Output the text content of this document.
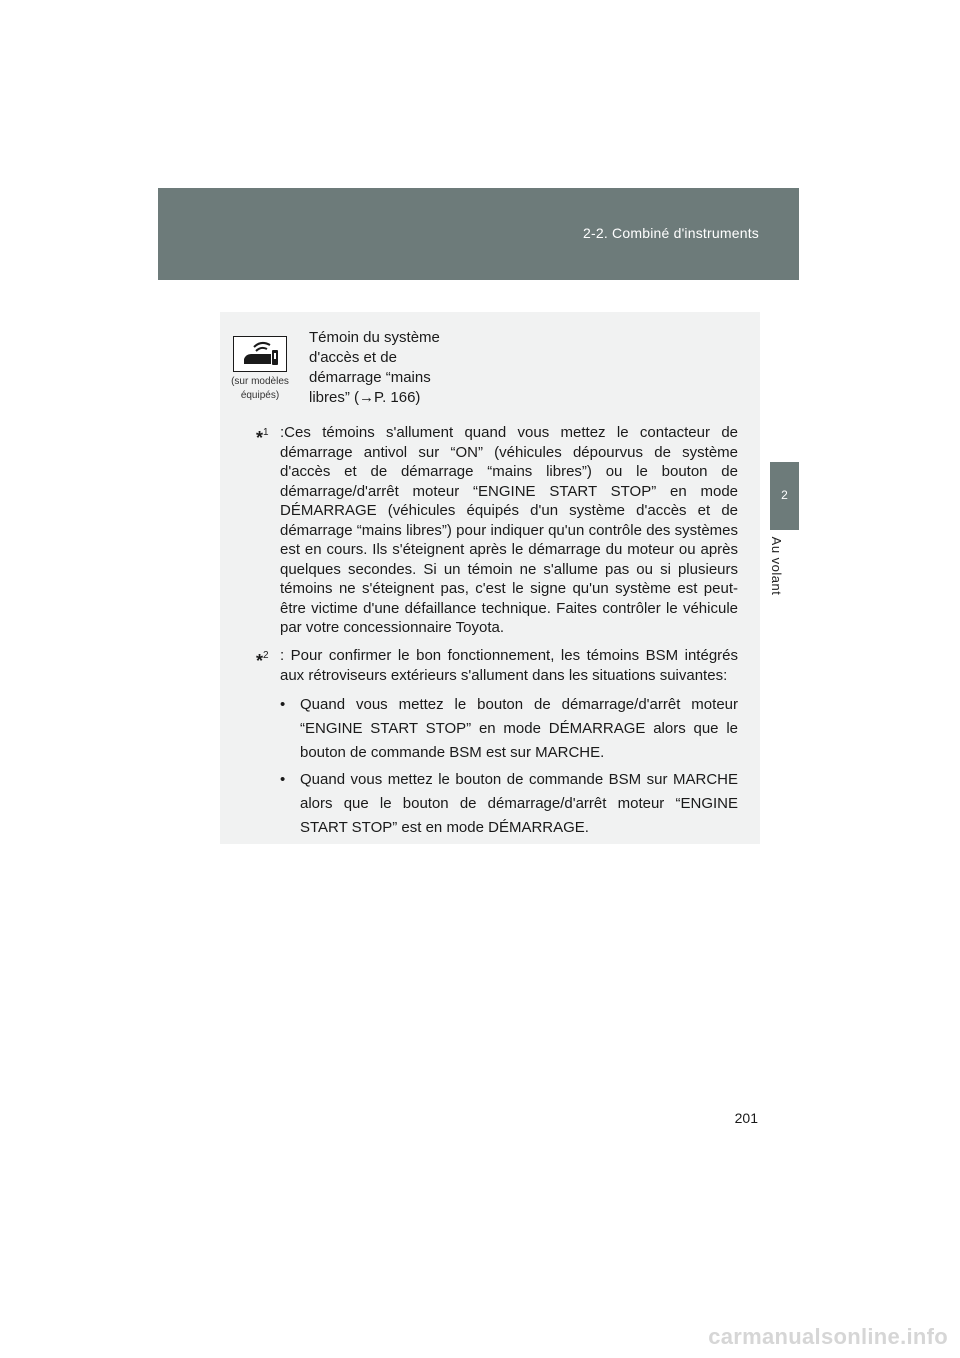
2-2. Combiné d'instruments
2
Au volant
(sur modèles
équipés)
Témoin du système d'accès et de démarrage “mains libres” (→P. 166)
*$^1$ :Ces témoins s'allument quand vous mettez le contacteur de démarrage antivol sur “ON” (véhicules dépourvus de système d'accès et de démarrage “mains libres”) ou le bouton de démarrage/d'arrêt moteur “ENGINE START STOP” en mode DÉMARRAGE (véhicules équipés d'un système d'accès et de démarrage “mains libres”) pour indiquer qu'un contrôle des systèmes est en cours. Ils s'éteignent après le démarrage du moteur ou après quelques secondes. Si un témoin ne s'allume pas ou si plusieurs témoins ne s'éteignent pas, c'est le signe qu'un système est peut-être victime d'une défaillance technique. Faites contrôler le véhicule par votre concessionnaire Toyota.
*$^2$ : Pour confirmer le bon fonctionnement, les témoins BSM intégrés aux rétroviseurs extérieurs s'allument dans les situations suivantes:
• Quand vous mettez le bouton de démarrage/d'arrêt moteur “ENGINE START STOP” en mode DÉMARRAGE alors que le bouton de commande BSM est sur MARCHE.
• Quand vous mettez le bouton de commande BSM sur MARCHE alors que le bouton de démarrage/d'arrêt moteur “ENGINE START STOP” est en mode DÉMARRAGE.
201
carmanualsonline.info
